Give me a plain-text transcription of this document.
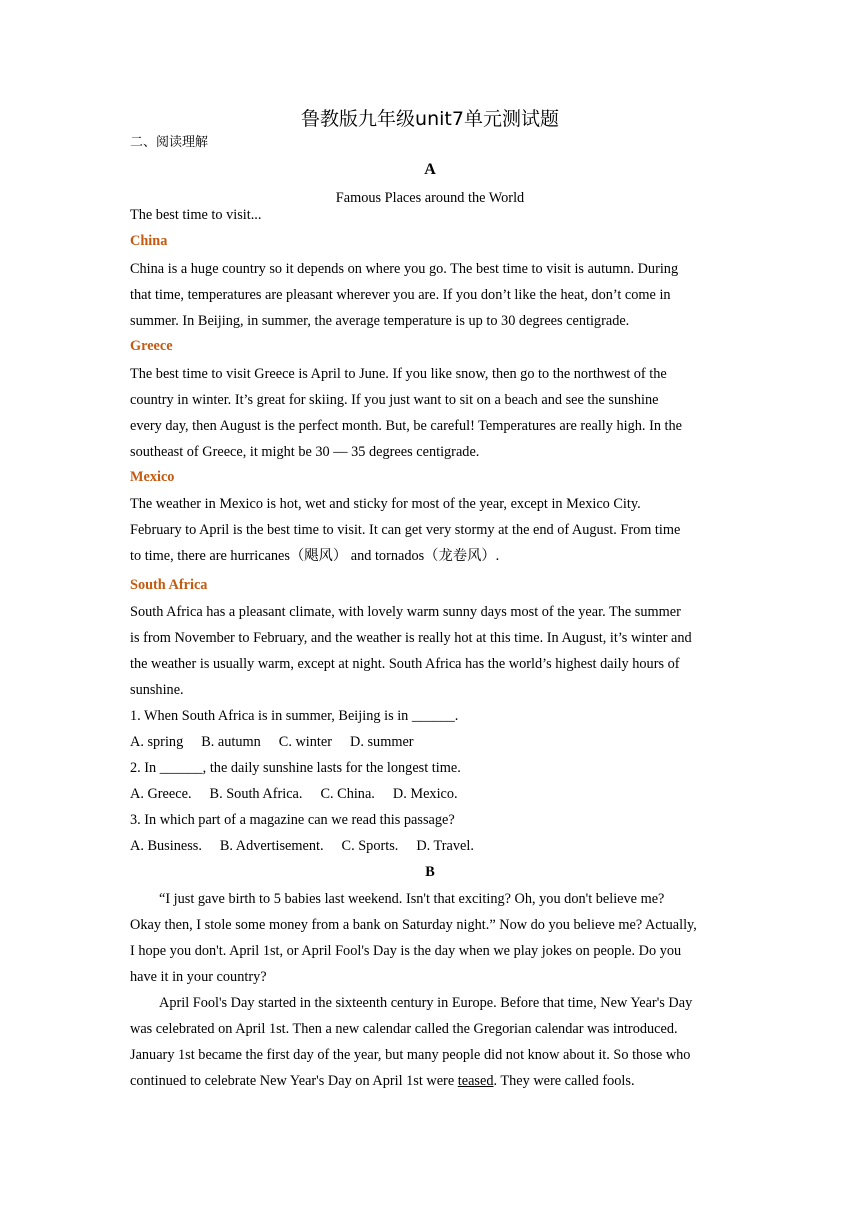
鲁教版九年级unit7单元测试题
二、阅读理解
A
Famous Places around the World
The best time to visit...
China
China is a huge country so it depends on where you go. The best time to visit is autumn. During
that time, temperatures are pleasant wherever you are. If you don’t like the heat, don’t come in
summer. In Beijing, in summer, the average temperature is up to 30 degrees centigrade.
Greece
The best time to visit Greece is April to June. If you like snow, then go to the northwest of the
country in winter. It’s great for skiing. If you just want to sit on a beach and see the sunshine
every day, then August is the perfect month. But, be careful! Temperatures are really high. In the
southeast of Greece, it might be 30 — 35 degrees centigrade.
Mexico
The weather in Mexico is hot, wet and sticky for most of the year, except in Mexico City.
February to April is the best time to visit. It can get very stormy at the end of August. From time
to time, there are hurricanes（飓风） and tornados（龙卷风）.
South Africa
South Africa has a pleasant climate, with lovely warm sunny days most of the year. The summer
is from November to February, and the weather is really hot at this time. In August, it’s winter and
the weather is usually warm, except at night. South Africa has the world’s highest daily hours of
sunshine.
1. When South Africa is in summer, Beijing is in ______.
A. spring B. autumn C. winter D. summer
2. In ______, the daily sunshine lasts for the longest time.
A. Greece. B. South Africa. C. China. D. Mexico.
3. In which part of a magazine can we read this passage?
A. Business. B. Advertisement. C. Sports. D. Travel.
B
“I just gave birth to 5 babies last weekend. Isn't that exciting? Oh, you don't believe me?
Okay then, I stole some money from a bank on Saturday night.” Now do you believe me? Actually,
I hope you don't. April 1st, or April Fool's Day is the day when we play jokes on people. Do you
have it in your country?
April Fool's Day started in the sixteenth century in Europe. Before that time, New Year's Day
was celebrated on April 1st. Then a new calendar called the Gregorian calendar was introduced.
January 1st became the first day of the year, but many people did not know about it. So those who
continued to celebrate New Year's Day on April 1st were teased. They were called fools.
